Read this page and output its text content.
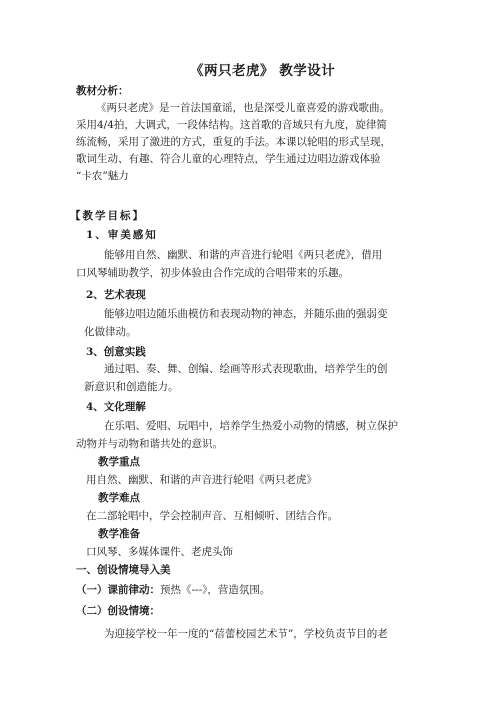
《两只老虎》 教学设计
教材分析：
《两只老虎》是一首法国童谣，也是深受儿童喜爱的游戏歌曲。
采用4/4拍，大调式，一段体结构。这首歌的音域只有九度，旋律简
练流畅，采用了激进的方式，重复的手法。本课以轮唱的形式呈现，
歌词生动、有趣、符合儿童的心理特点，学生通过边唱边游戏体验
“卡农”魅力
【教学目标】
1、审美感知
能够用自然、幽默、和谐的声音进行轮唱《两只老虎》，借用
口风琴辅助教学，初步体验由合作完成的合唱带来的乐趣。
2、艺术表现
能够边唱边随乐曲模仿和表现动物的神态，并随乐曲的强弱变
化做律动。
3、创意实践
通过唱、奏、舞、创编、绘画等形式表现歌曲，培养学生的创
新意识和创造能力。
4、文化理解
在乐唱、爱唱、玩唱中，培养学生热爱小动物的情感，树立保护
动物并与动物和谐共处的意识。
教学重点
用自然、幽默、和谐的声音进行轮唱《两只老虎》
教学难点
在二部轮唱中，学会控制声音、互相倾听、团结合作。
教学准备
口风琴、多媒体课件、老虎头饰
一、创设情境导入美
（一）课前律动：预热《---》，营造氛围。
（二）创设情境：
为迎接学校一年一度的“蓓蕾校园艺术节”，学校负责节目的老
